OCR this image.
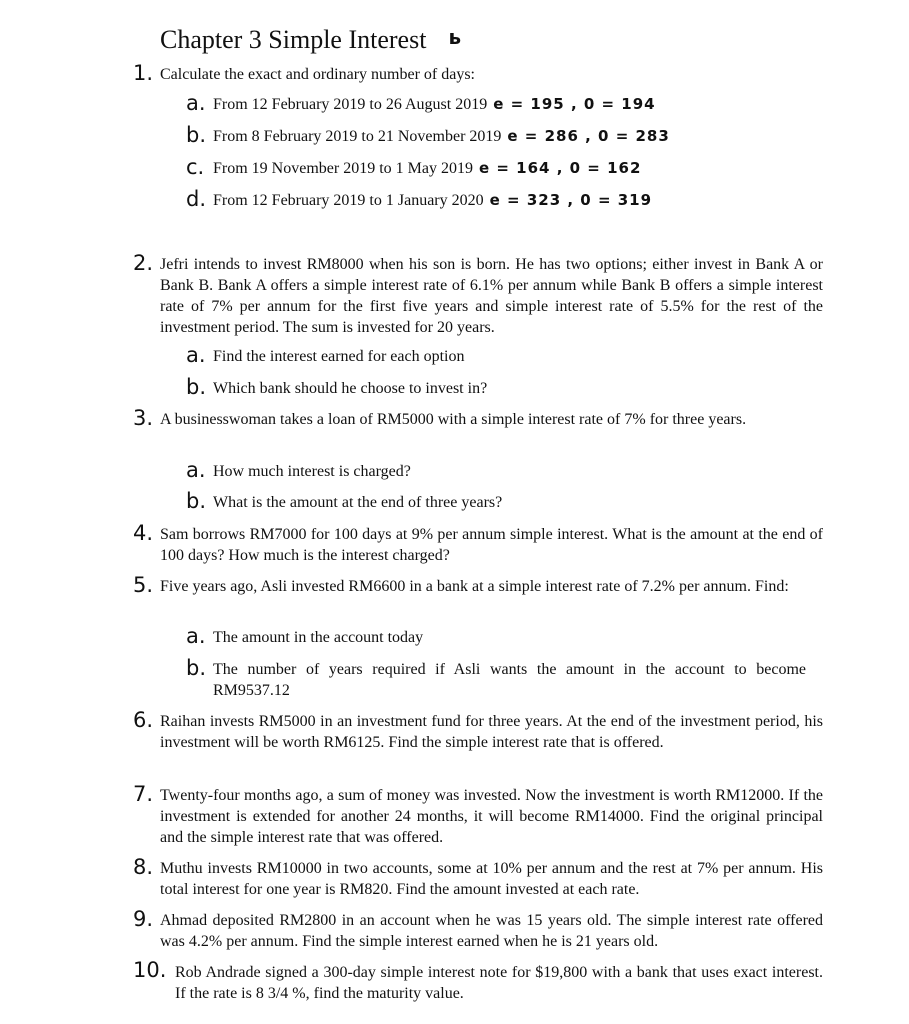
Chapter 3 Simple Interest ь
1. Calculate the exact and ordinary number of days:
a. From 12 February 2019 to 26 August 2019 e = 195 , 0 = 194
b. From 8 February 2019 to 21 November 2019 e = 286 , 0 = 283
c. From 19 November 2019 to 1 May 2019 e = 164 , 0 = 162
d. From 12 February 2019 to 1 January 2020 e = 323 , 0 = 319
2. Jefri intends to invest RM8000 when his son is born. He has two options; either invest in Bank A or Bank B. Bank A offers a simple interest rate of 6.1% per annum while Bank B offers a simple interest rate of 7% per annum for the first five years and simple interest rate of 5.5% for the rest of the investment period. The sum is invested for 20 years.
a. Find the interest earned for each option
b. Which bank should he choose to invest in?
3. A businesswoman takes a loan of RM5000 with a simple interest rate of 7% for three years.
a. How much interest is charged?
b. What is the amount at the end of three years?
4. Sam borrows RM7000 for 100 days at 9% per annum simple interest. What is the amount at the end of 100 days? How much is the interest charged?
5. Five years ago, Asli invested RM6600 in a bank at a simple interest rate of 7.2% per annum. Find:
a. The amount in the account today
b. The number of years required if Asli wants the amount in the account to become RM9537.12
6. Raihan invests RM5000 in an investment fund for three years. At the end of the investment period, his investment will be worth RM6125. Find the simple interest rate that is offered.
7. Twenty-four months ago, a sum of money was invested. Now the investment is worth RM12000. If the investment is extended for another 24 months, it will become RM14000. Find the original principal and the simple interest rate that was offered.
8. Muthu invests RM10000 in two accounts, some at 10% per annum and the rest at 7% per annum. His total interest for one year is RM820. Find the amount invested at each rate.
9. Ahmad deposited RM2800 in an account when he was 15 years old. The simple interest rate offered was 4.2% per annum. Find the simple interest earned when he is 21 years old.
10. Rob Andrade signed a 300-day simple interest note for $19,800 with a bank that uses exact interest. If the rate is 8 3/4 %, find the maturity value.
